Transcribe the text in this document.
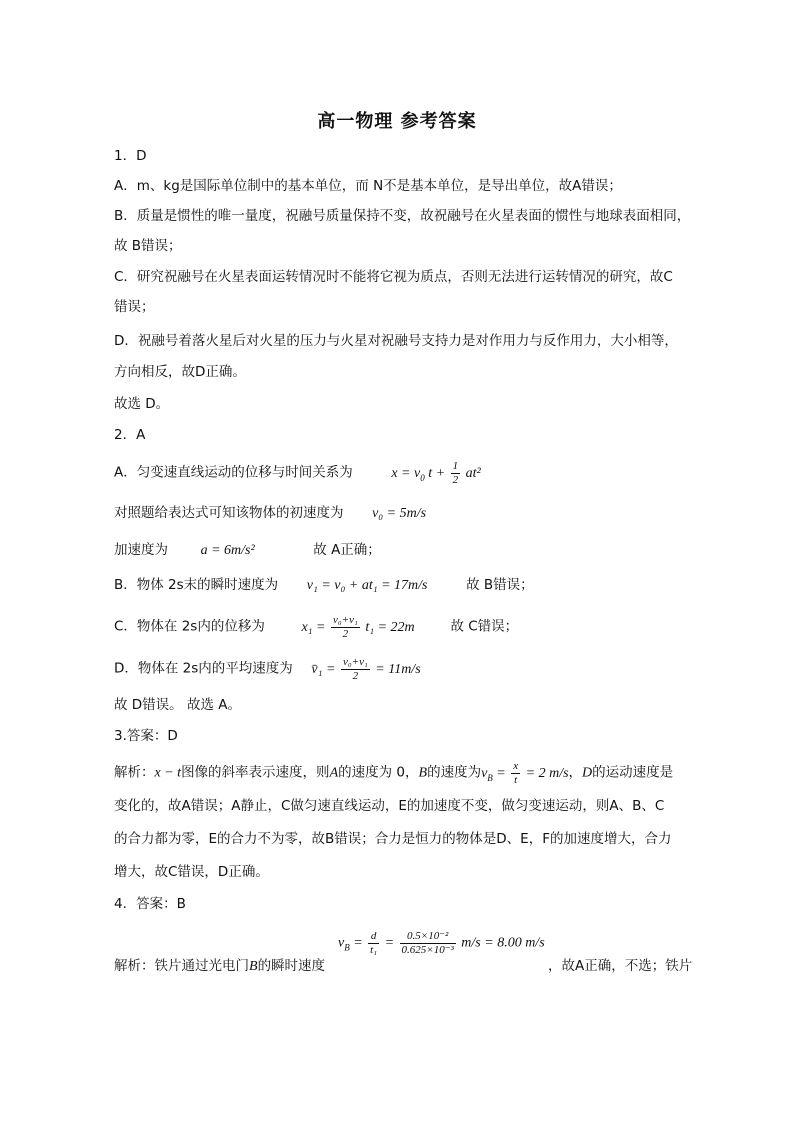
高一物理 参考答案
1．D
A．m、kg是国际单位制中的基本单位，而 N不是基本单位，是导出单位，故A错误；
B．质量是惯性的唯一量度，祝融号质量保持不变，故祝融号在火星表面的惯性与地球表面相同，
故 B错误；
C．研究祝融号在火星表面运转情况时不能将它视为质点，否则无法进行运转情况的研究，故C
错误；
D．祝融号着落火星后对火星的压力与火星对祝融号支持力是对作用力与反作用力，大小相等，
方向相反，故D正确。
故选 D。
2．A
A．匀变速直线运动的位移与时间关系为	$x = v_0$ $t + \frac{1}{2} at^2$
对照题给表达式可知该物体的初速度为 v₀ = 5m/s
加速度为 a = 6m/s²	故 A正确；
B．物体 2s末的瞬时速度为 v₁ = v₀ + at₁ = 17m/s	故 B错误；
C．物体在 2s内的位移为	$x_1 = \frac{\text{v₀+v₁}}{2} t_1 = 22m$	故 C错误；
D．物体在 2s内的平均速度为 v̄₁ = $\frac{\text{v₀+v₁}}{2} = 11m/s$
故 D错误。 故选 A。
3.答案：D
解析：x − t图像的斜率表示速度，则A的速度为 0，B的速度为$v_B = \frac{x}{t} = 2$ m/s，D的运动速度是
变化的，故A错误；A静止，C做匀速直线运动，E的加速度不变，做匀变速运动，则A、B、C
的合力都为零，E的合力不为零，故B错误；合力是恒力的物体是D、E，F的加速度增大，合力
增大，故C错误，D正确。
4．答案：B
解析：铁片通过光电门B的瞬时速度
$v_B = \frac{d}{\text{t₁}} = \frac{\text{0.5×10⁻²}}{\text{0.625×10⁻³}} m/s = 8.00$ m/s
，故A正确，不选；铁片
